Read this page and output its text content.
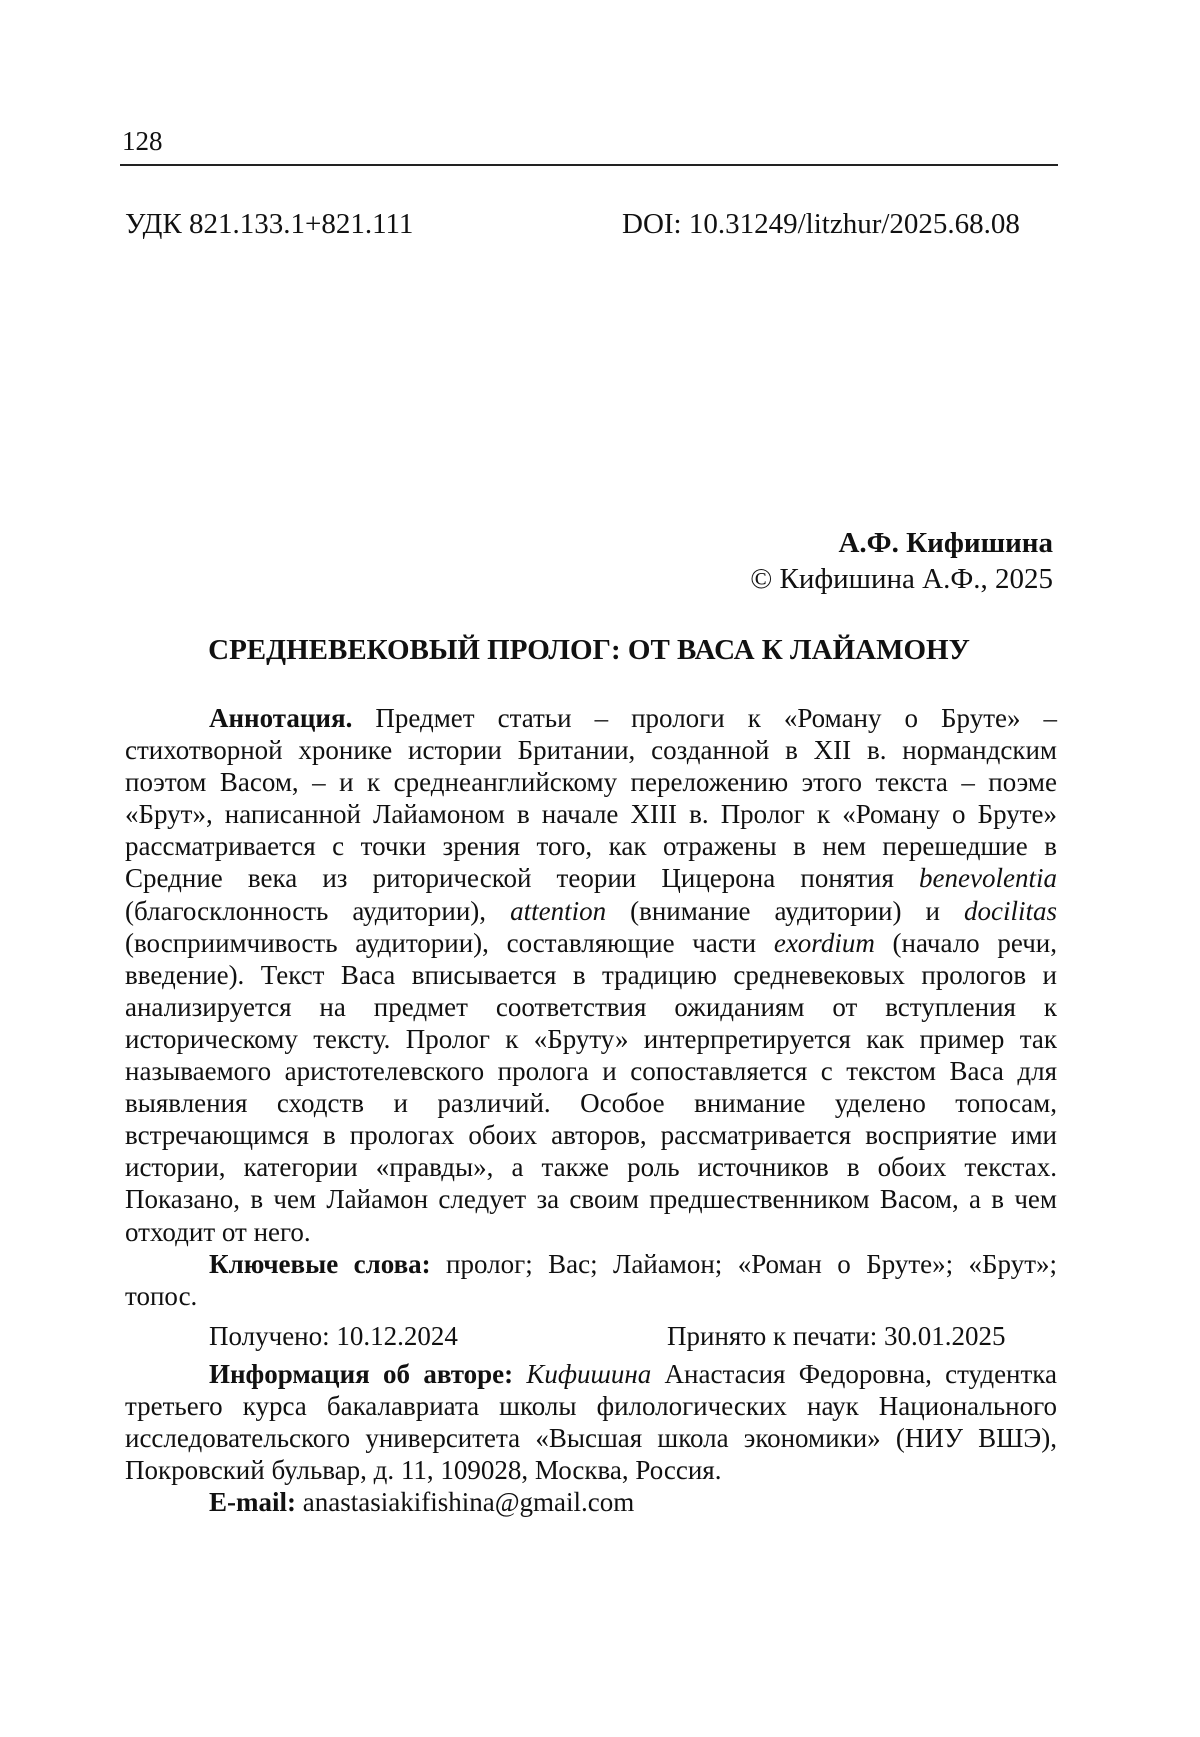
128
УДК 821.133.1+821.111	DOI: 10.31249/litzhur/2025.68.08
А.Ф. Кифишина
© Кифишина А.Ф., 2025
СРЕДНЕВЕКОВЫЙ ПРОЛОГ: ОТ ВАСА К ЛАЙАМОНУ

Аннотация. Предмет статьи – прологи к «Роману о Бруте» – стихотворной хронике истории Британии, созданной в XII в. нормандским поэтом Васом, – и к среднеанглийскому переложению этого текста – поэме «Брут», написанной Лайамоном в начале XIII в. Пролог к «Роману о Бруте» рассматривается с точки зрения того, как отражены в нем перешедшие в Средние века из риторической теории Цицерона понятия benevolentia (благосклонность аудитории), attention (внимание аудитории) и docilitas (восприимчивость аудитории), составляющие части exordium (начало речи, введение). Текст Васа вписывается в традицию средневековых прологов и анализируется на предмет соответствия ожиданиям от вступления к историческому тексту. Пролог к «Бруту» интерпретируется как пример так называемого аристотелевского пролога и сопоставляется с текстом Васа для выявления сходств и различий. Особое внимание уделено топосам, встречающимся в прологах обоих авторов, рассматривается восприятие ими истории, категории «правды», а также роль источников в обоих текстах. Показано, в чем Лайамон следует за своим предшественником Васом, а в чем отходит от него.

Ключевые слова: пролог; Вас; Лайамон; «Роман о Бруте»; «Брут»; топос.

Получено: 10.12.2024	Принято к печати: 30.01.2025

Информация об авторе: Кифишина Анастасия Федоровна, студентка третьего курса бакалавриата школы филологических наук Национального исследовательского университета «Высшая школа экономики» (НИУ ВШЭ), Покровский бульвар, д. 11, 109028, Москва, Россия.

E-mail: anastasiakifishina@gmail.com
